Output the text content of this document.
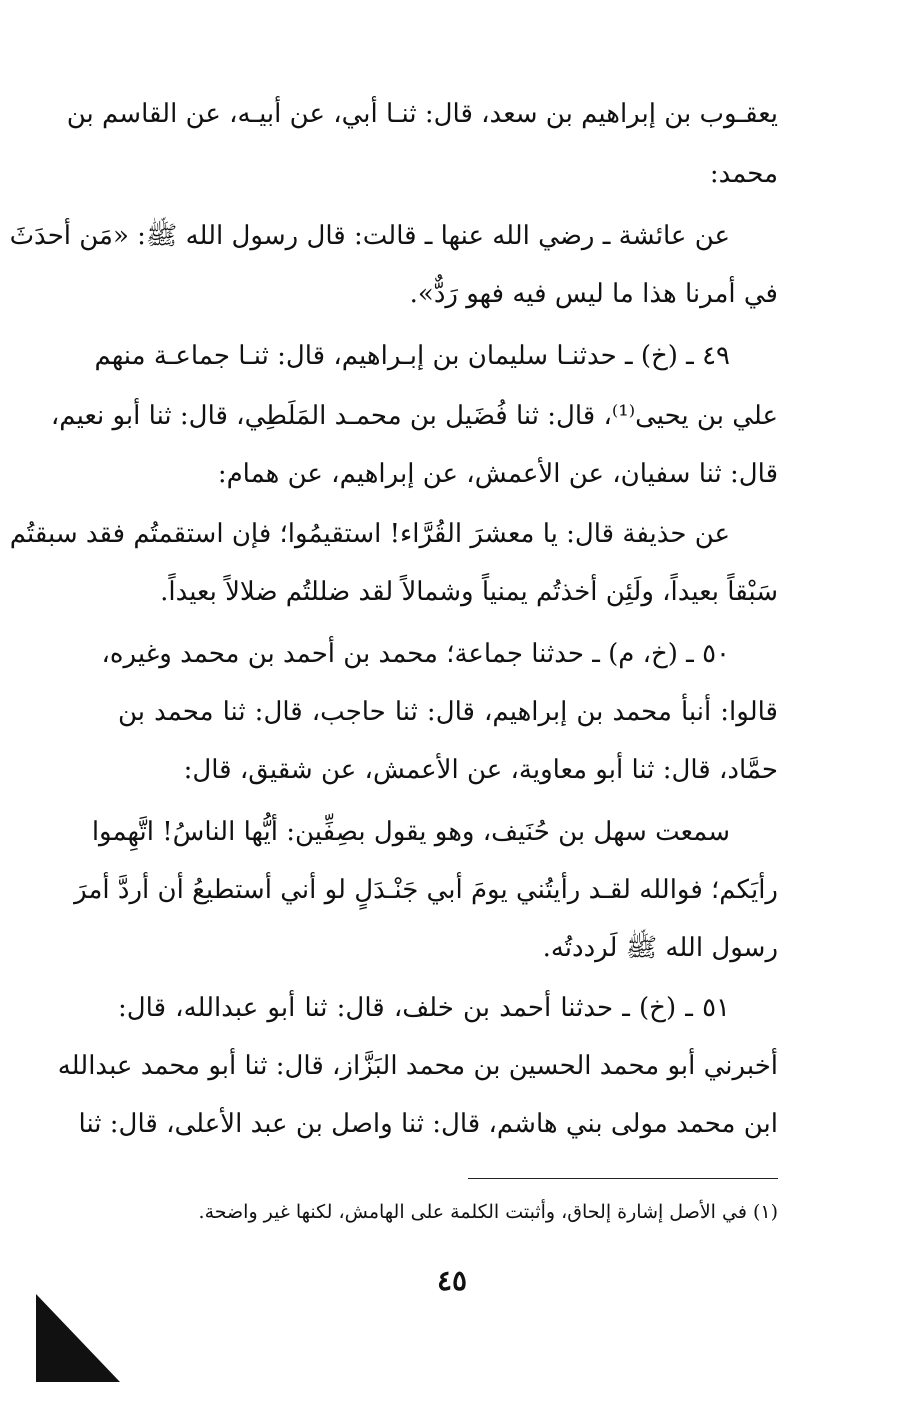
يعقـوب بن إبراهيم بن سعد، قال: ثنـا أبي، عن أبيـه، عن القاسم بن
محمد:
عن عائشة ـ رضي الله عنها ـ قالت: قال رسول الله ﷺ: «مَن أحدَثَ
في أمرنا هذا ما ليس فيه فهو رَدٌّ».
٤٩ ـ (خ) ـ حدثنـا سليمان بن إبـراهيم، قال: ثنـا جماعـة منهم
علي بن يحيى⁽¹⁾، قال: ثنا فُضَيل بن محمـد المَلَطِي، قال: ثنا أبو نعيم،
قال: ثنا سفيان، عن الأعمش، عن إبراهيم، عن همام:
عن حذيفة قال: يا معشرَ القُرَّاء! استقيمُوا؛ فإن استقمتُم فقد سبقتُم
سَبْقاً بعيداً، ولَئِن أخذتُم يمنياً وشمالاً لقد ضللتُم ضلالاً بعيداً.
٥٠ ـ (خ، م) ـ حدثنا جماعة؛ محمد بن أحمد بن محمد وغيره،
قالوا: أنبأ محمد بن إبراهيم، قال: ثنا حاجب، قال: ثنا محمد بن
حمَّاد، قال: ثنا أبو معاوية، عن الأعمش، عن شقيق، قال:
سمعت سهل بن حُنَيف، وهو يقول بصِفِّين: أيُّها الناسُ! اتَّهِموا
رأيَكم؛ فوالله لقـد رأيتُني يومَ أبي جَنْـدَلٍ لو أني أستطيعُ أن أردَّ أمرَ
رسول الله ﷺ لَرددتُه.
٥١ ـ (خ) ـ حدثنا أحمد بن خلف، قال: ثنا أبو عبدالله، قال:
أخبرني أبو محمد الحسين بن محمد البَزَّاز، قال: ثنا أبو محمد عبدالله
ابن محمد مولى بني هاشم، قال: ثنا واصل بن عبد الأعلى، قال: ثنا
(١) في الأصل إشارة إلحاق، وأثبتت الكلمة على الهامش، لكنها غير واضحة.
٤٥
